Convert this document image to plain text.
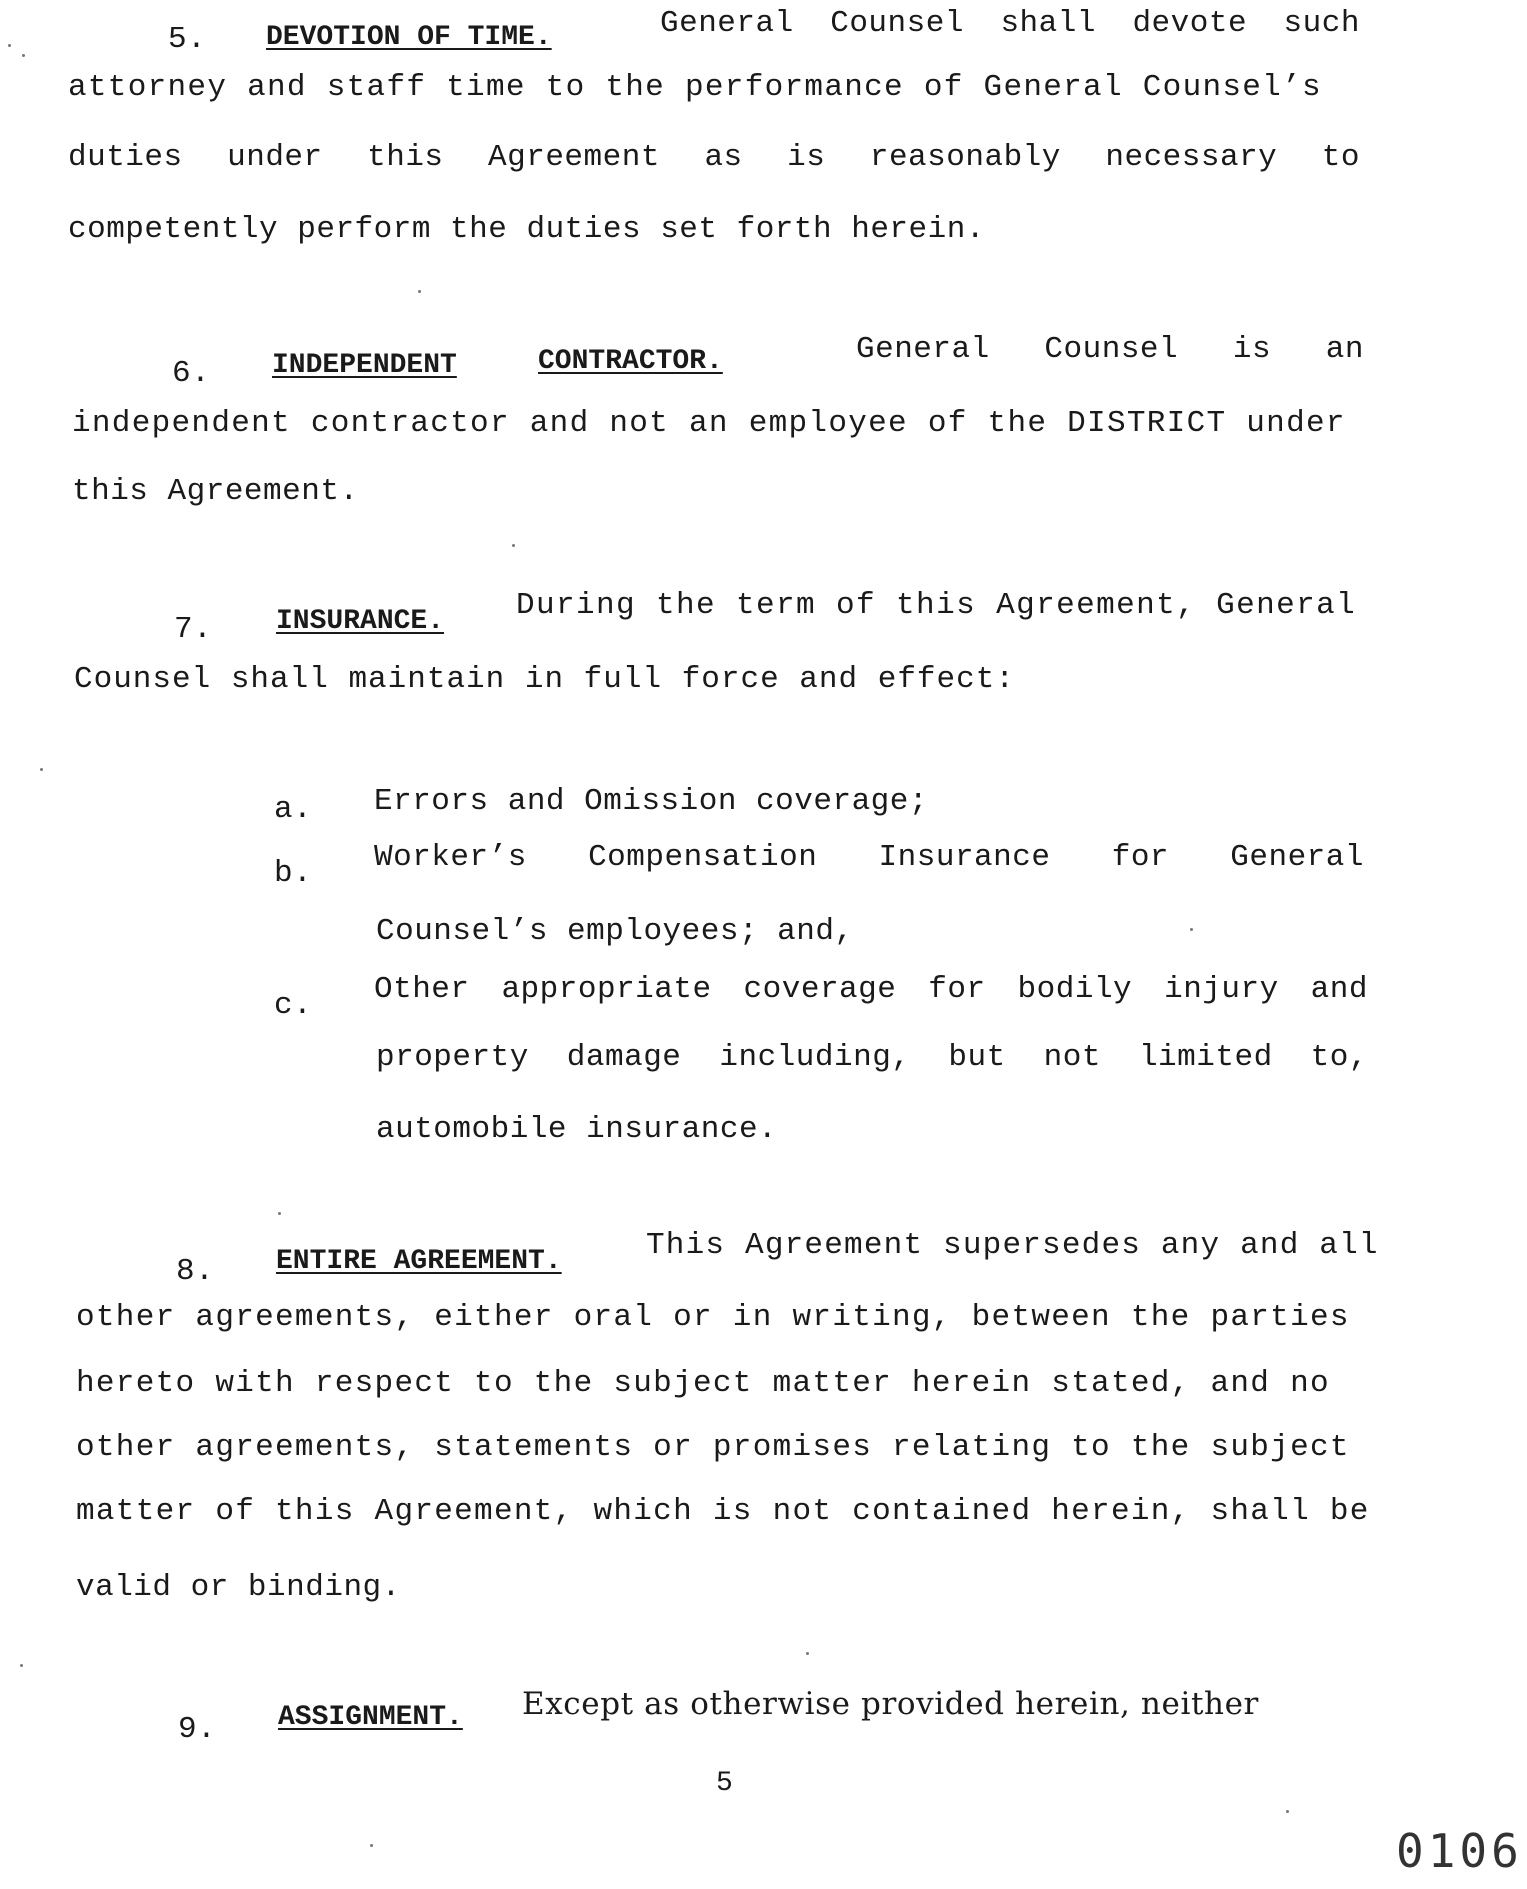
5. DEVOTION OF TIME.	General Counsel shall devote such
attorney and staff time to the performance of General Counsel’s
duties under this Agreement as is reasonably necessary to
competently perform the duties set forth herein.
6. INDEPENDENT	CONTRACTOR.	General Counsel is an
independent contractor and not an employee of the DISTRICT under
this Agreement.
7. INSURANCE. During the term of this Agreement, General
Counsel shall maintain in full force and effect:
a. Errors and Omission coverage;
b. Worker’s Compensation Insurance for General
Counsel’s employees; and,
c. Other appropriate coverage for bodily injury and
property damage including, but not limited to,
automobile insurance.
8. ENTIRE AGREEMENT.	This Agreement supersedes any and all
other agreements, either oral or in writing, between the parties
hereto with respect to the subject matter herein stated, and no
other agreements, statements or promises relating to the subject
matter of this Agreement, which is not contained herein, shall be
valid or binding.
9. ASSIGNMENT. Except as otherwise provided herein, neither
5
0106
